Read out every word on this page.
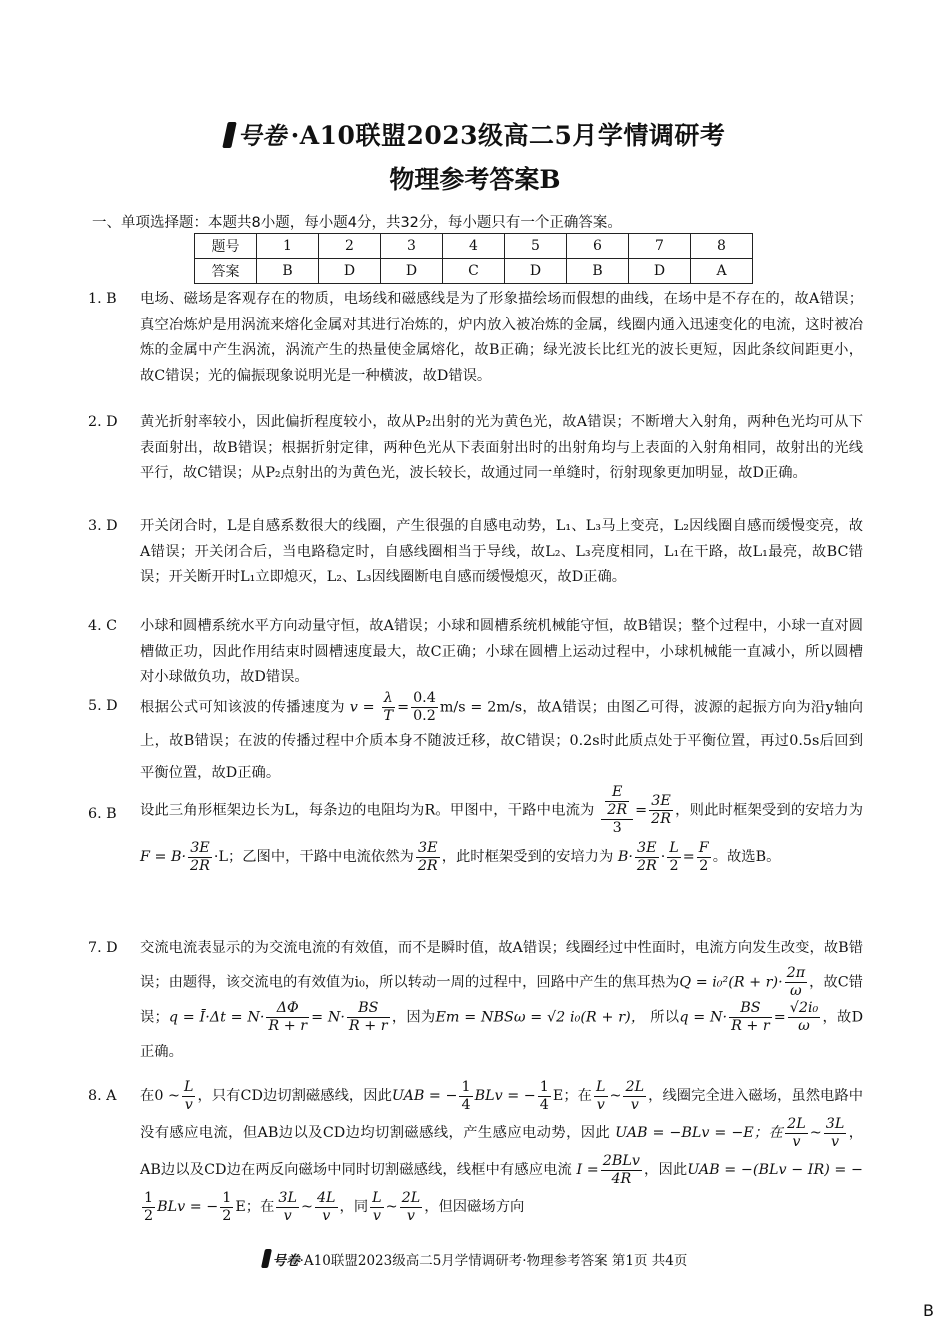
号卷 ·A10联盟2023级高二5月学情调研考
物理参考答案B
一、单项选择题：本题共8小题，每小题4分，共32分，每小题只有一个正确答案。
题号	1	2	3	4	5	6	7	8
答案	B	D	D	C	D	B	D	A
1. B	电场、磁场是客观存在的物质，电场线和磁感线是为了形象描绘场而假想的曲线，在场中是不存在的，故A错误；真空冶炼炉是用涡流来熔化金属对其进行冶炼的，炉内放入被冶炼的金属，线圈内通入迅速变化的电流，这时被冶炼的金属中产生涡流，涡流产生的热量使金属熔化，故B正确；绿光波长比红光的波长更短，因此条纹间距更小，故C错误；光的偏振现象说明光是一种横波，故D错误。
2. D	黄光折射率较小，因此偏折程度较小，故从P₂出射的光为黄色光，故A错误；不断增大入射角，两种色光均可从下表面射出，故B错误；根据折射定律，两种色光从下表面射出时的出射角均与上表面的入射角相同，故射出的光线平行，故C错误；从P₂点射出的为黄色光，波长较长，故通过同一单缝时，衍射现象更加明显，故D正确。
3. D	开关闭合时，L是自感系数很大的线圈，产生很强的自感电动势，L₁、L₃马上变亮，L₂因线圈自感而缓慢变亮，故A错误；开关闭合后，当电路稳定时，自感线圈相当于导线，故L₂、L₃亮度相同，L₁在干路，故L₁最亮，故BC错误；开关断开时L₁立即熄灭，L₂、L₃因线圈断电自感而缓慢熄灭，故D正确。
4. C	小球和圆槽系统水平方向动量守恒，故A错误；小球和圆槽系统机械能守恒，故B错误；整个过程中，小球一直对圆槽做正功，因此作用结束时圆槽速度最大，故C正确；小球在圆槽上运动过程中，小球机械能一直减小，所以圆槽对小球做负功，故D错误。
5. D	根据公式可知该波的传播速度为 $v = \frac{\lambda}{T} = \frac{0.4}{0.2} m/s = 2m/s$，故A错误；由图乙可得，波源的起振方向为沿y轴向上，故B错误；在波的传播过程中介质本身不随波迁移，故C错误；0.2s时此质点处于平衡位置，再过0.5s后回到平衡位置，故D正确。
6. B	设此三角形框架边长为L，每条边的电阻均为R。甲图中，干路中电流为 $\frac{\frac{E}{2R}}{3} = \frac{3E}{2R}$ ，则此时框架受到的安培力为 $F = B\cdot \frac{3E}{2R} \cdot L$；乙图中，干路中电流依然为 $\frac{3E}{2R}$ ，此时框架受到的安培力为 $B\cdot \frac{3E}{2R} \cdot \frac{L}{2} = \frac{F}{2}$ 。故选B。
7. D	交流电流表显示的为交流电流的有效值，而不是瞬时值，故A错误；线圈经过中性面时，电流方向发生改变，故B错误；由题得，该交流电的有效值为i₀，所以转动一周的过程中，回路中产生的焦耳热为$Q = i_0^2(R + r)\cdot \frac{2\pi}{\omega}$ ，故C错误；q = Ī·Δt = $N\cdot \frac{\Delta\Phi}{R + r} = N\cdot \frac{BS}{R + r}$ ，因为Em = NBSω = √2 i₀(R + r)， 所以$q = N\cdot \frac{BS}{R + r} = \frac{\text{√2i₀}}{\omega}$ ，故D正确。
8. A	在0 ~ $\frac{L}{v}$ ，只有CD边切割磁感线，因此UAB = − $\frac{1}{4}$ BLv = − $\frac{1}{4}$ E；在 $\frac{L}{v}$ ~ $\frac{2L}{v}$ ，线圈完全进入磁场，虽然电路中没有感应电流，但AB边以及CD边均切割磁感线，产生感应电动势，因此 UAB = −BLv = −E；在 $\frac{2L}{v}$ ~ $\frac{3L}{v}$ ，AB边以及CD边在两反向磁场中同时切割磁感线，线框中有感应电流 $I = \frac{\text{2BLv}}{4R}$ ，因此UAB = −(BLv − IR) = −
$\frac{1}{2}$ BLv = − $\frac{1}{2}$ E；在 $\frac{3L}{v}$ ~ $\frac{4L}{v}$ ，同 $\frac{L}{v}$ ~ $\frac{2L}{v}$ ，但因磁场方向
号卷·A10联盟2023级高二5月学情调研考·物理参考答案 第1页 共4页
B
